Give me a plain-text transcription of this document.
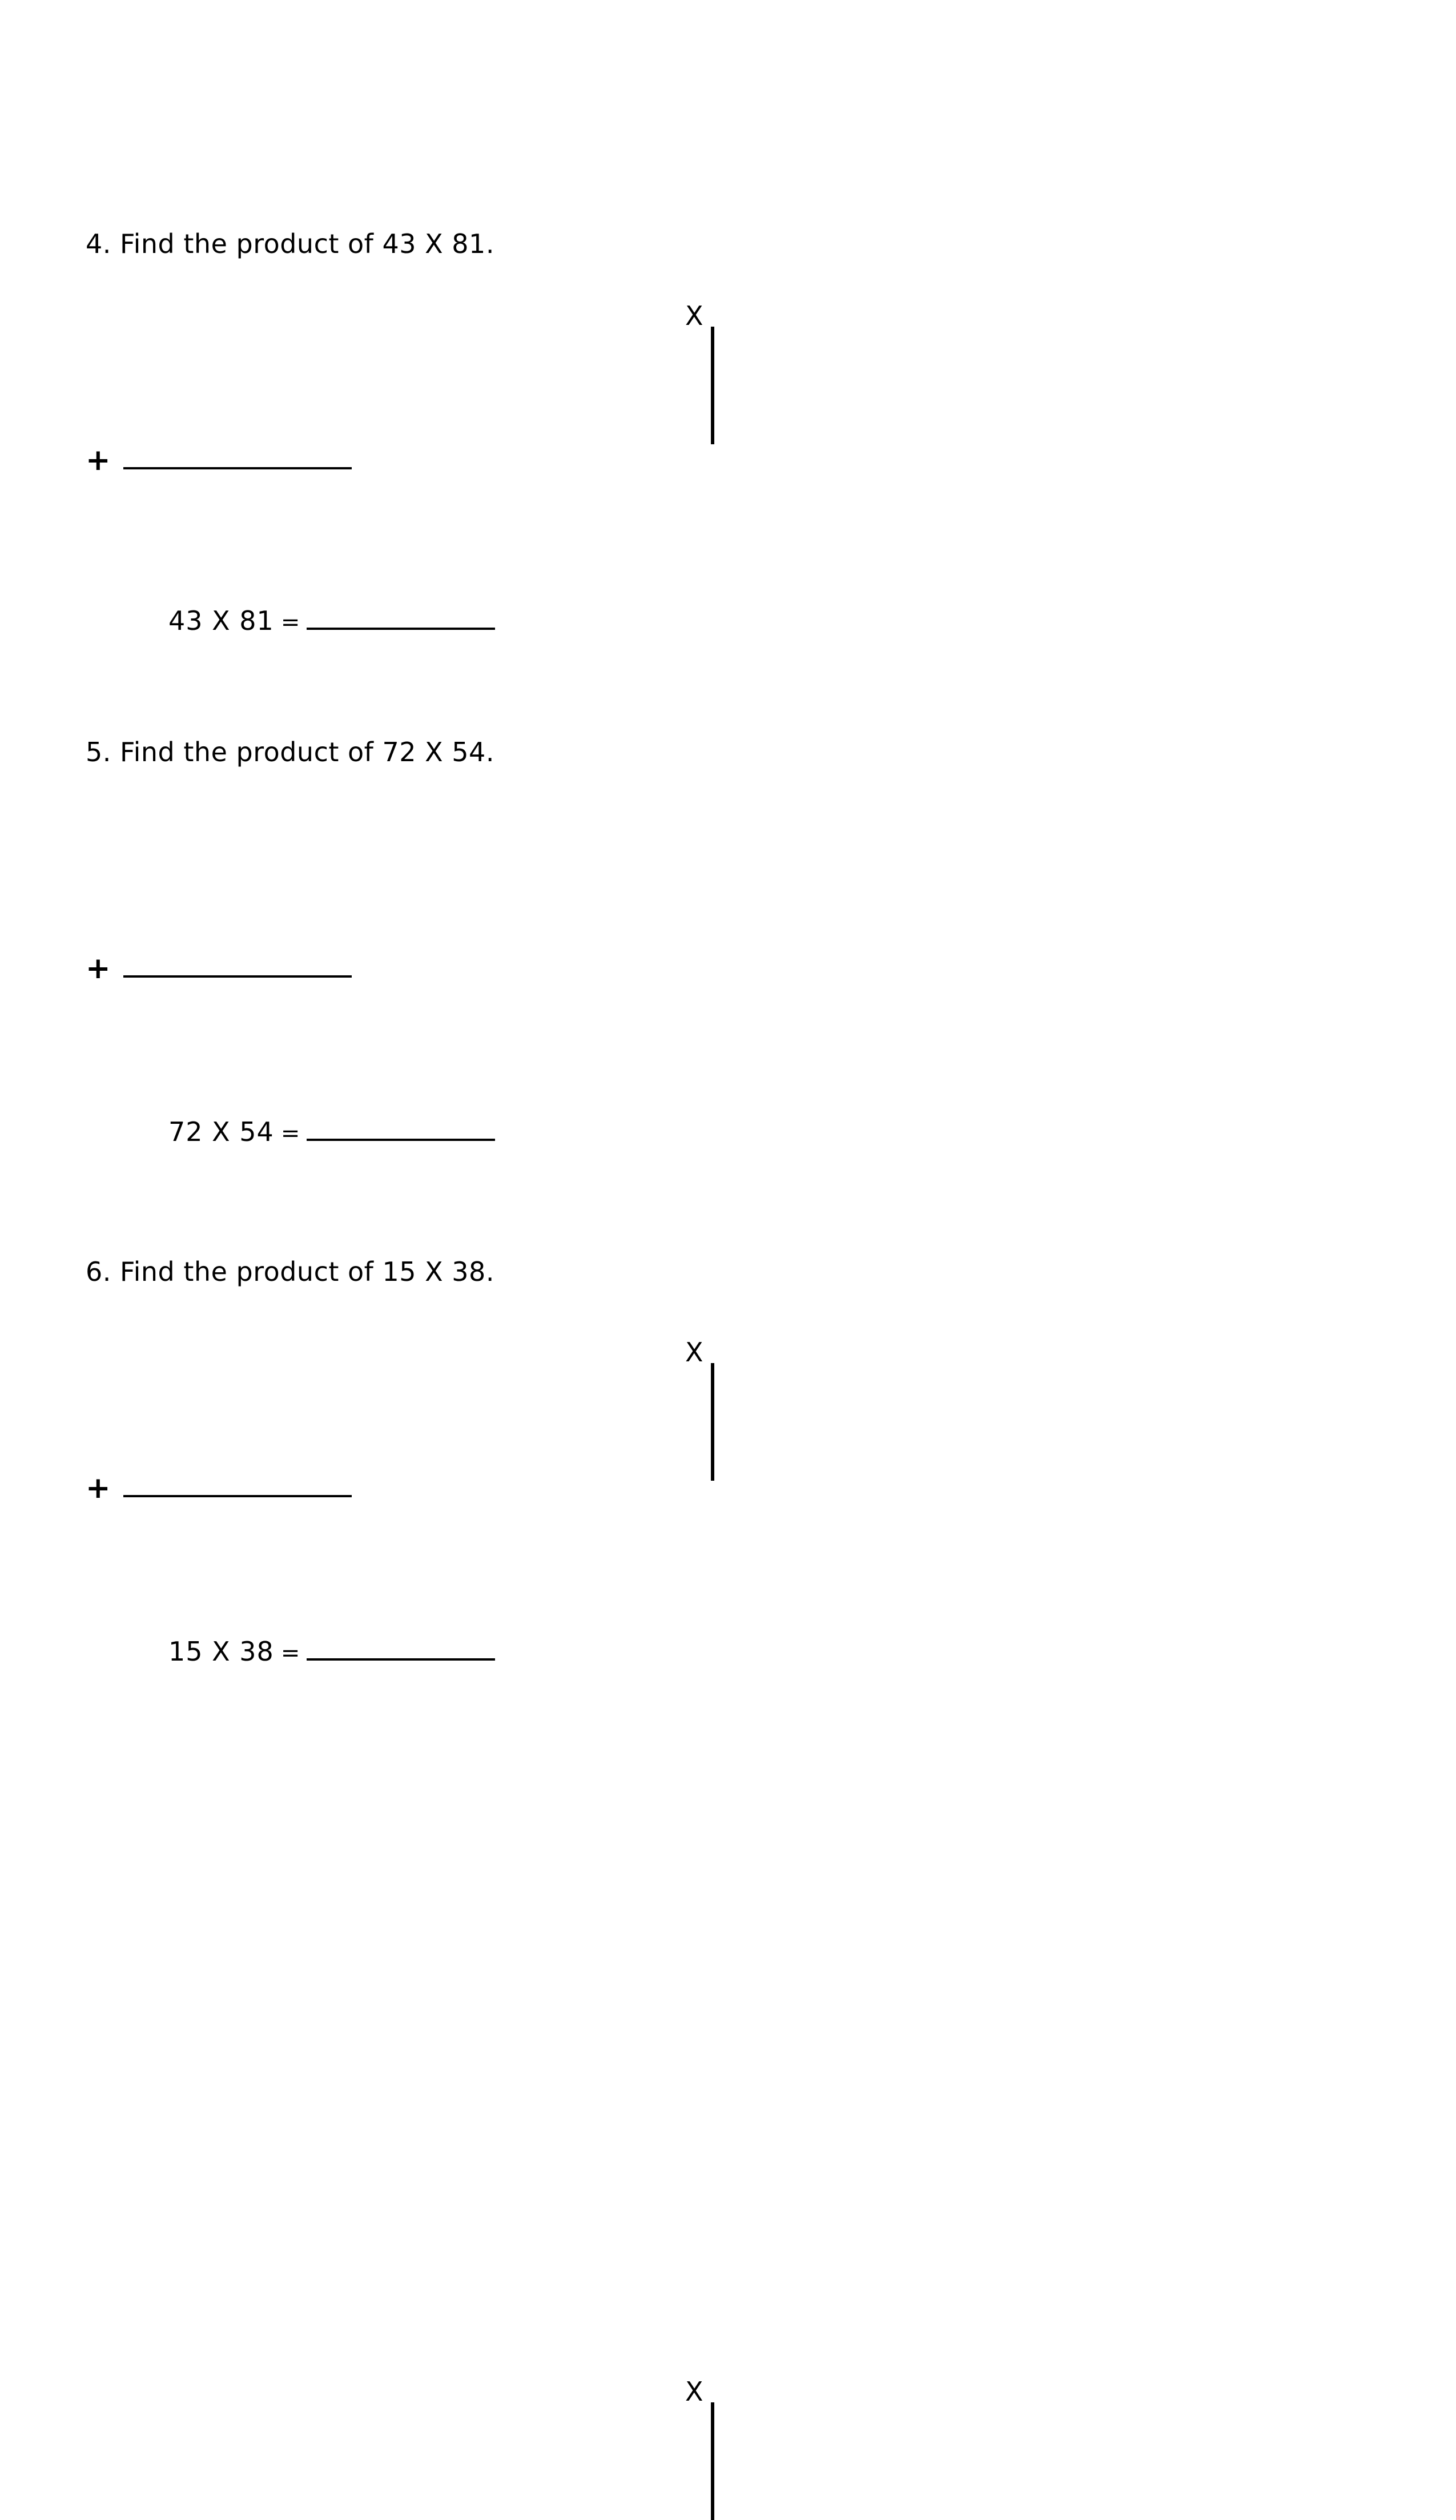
4. Find the product of 43 X 81.
+
43 X 81 =
X

5. Find the product of 72 X 54.
+
72 X 54 =
X

6. Find the product of 15 X 38.
+
15 X 38 =
X
